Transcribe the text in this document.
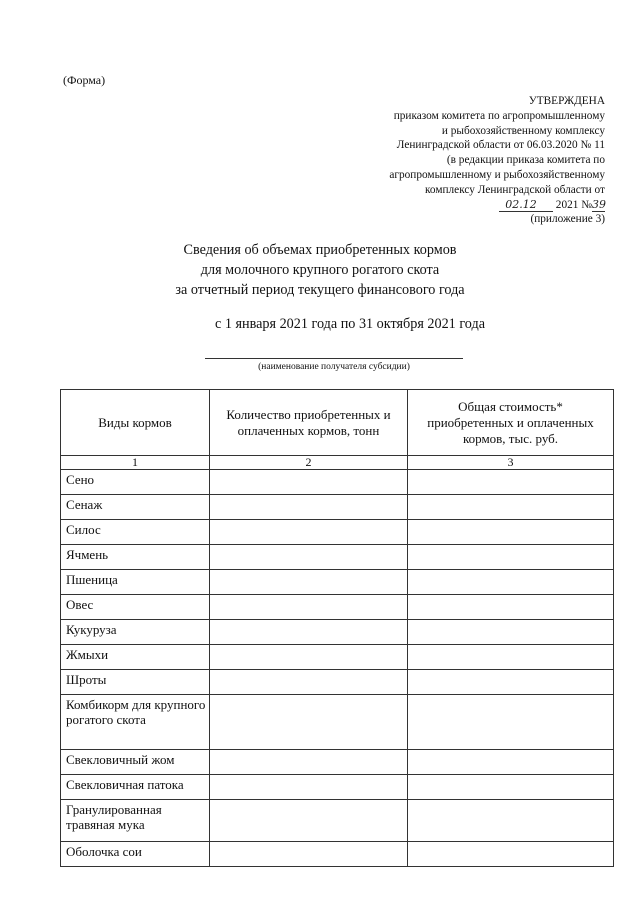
(Форма)
УТВЕРЖДЕНА
приказом комитета по агропромышленному
и рыбохозяйственному комплексу
Ленинградской области от 06.03.2020 № 11
(в редакции приказа комитета по
агропромышленному и рыбохозяйственному
комплексу Ленинградской области от
02.12 2021 №39
(приложение 3)
Сведения об объемах приобретенных кормов
для молочного крупного рогатого скота
за отчетный период текущего финансового года
с 1 января 2021 года по 31 октября 2021 года
(наименование получателя субсидии)
Виды кормов	Количество приобретенных и оплаченных кормов, тонн	Общая стоимость* приобретенных и оплаченных кормов, тыс. руб.
1	2	3
Сено		
Сенаж		
Силос		
Ячмень		
Пшеница		
Овес		
Кукуруза		
Жмыхи		
Шроты		
Комбикорм для крупного рогатого скота		
Свекловичный жом		
Свекловичная патока		
Гранулированная травяная мука		
Оболочка сои		
